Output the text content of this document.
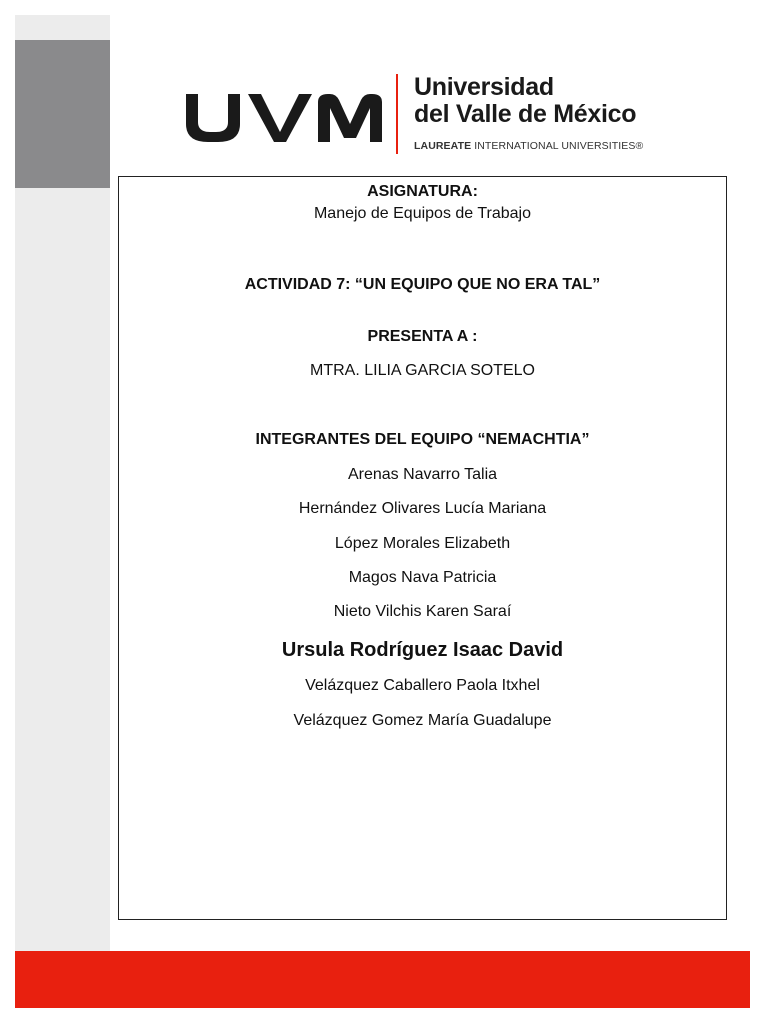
Universidad
del Valle de México
LAUREATE INTERNATIONAL UNIVERSITIES®
ASIGNATURA:
Manejo de Equipos de Trabajo
ACTIVIDAD 7: “UN EQUIPO QUE NO ERA TAL”
PRESENTA A :
MTRA. LILIA GARCIA SOTELO
INTEGRANTES DEL EQUIPO “NEMACHTIA”
Arenas Navarro Talia
Hernández Olivares Lucía Mariana
López Morales Elizabeth
Magos Nava Patricia
Nieto Vilchis Karen Saraí
Ursula Rodríguez Isaac David
Velázquez Caballero Paola Itxhel
Velázquez Gomez María Guadalupe
